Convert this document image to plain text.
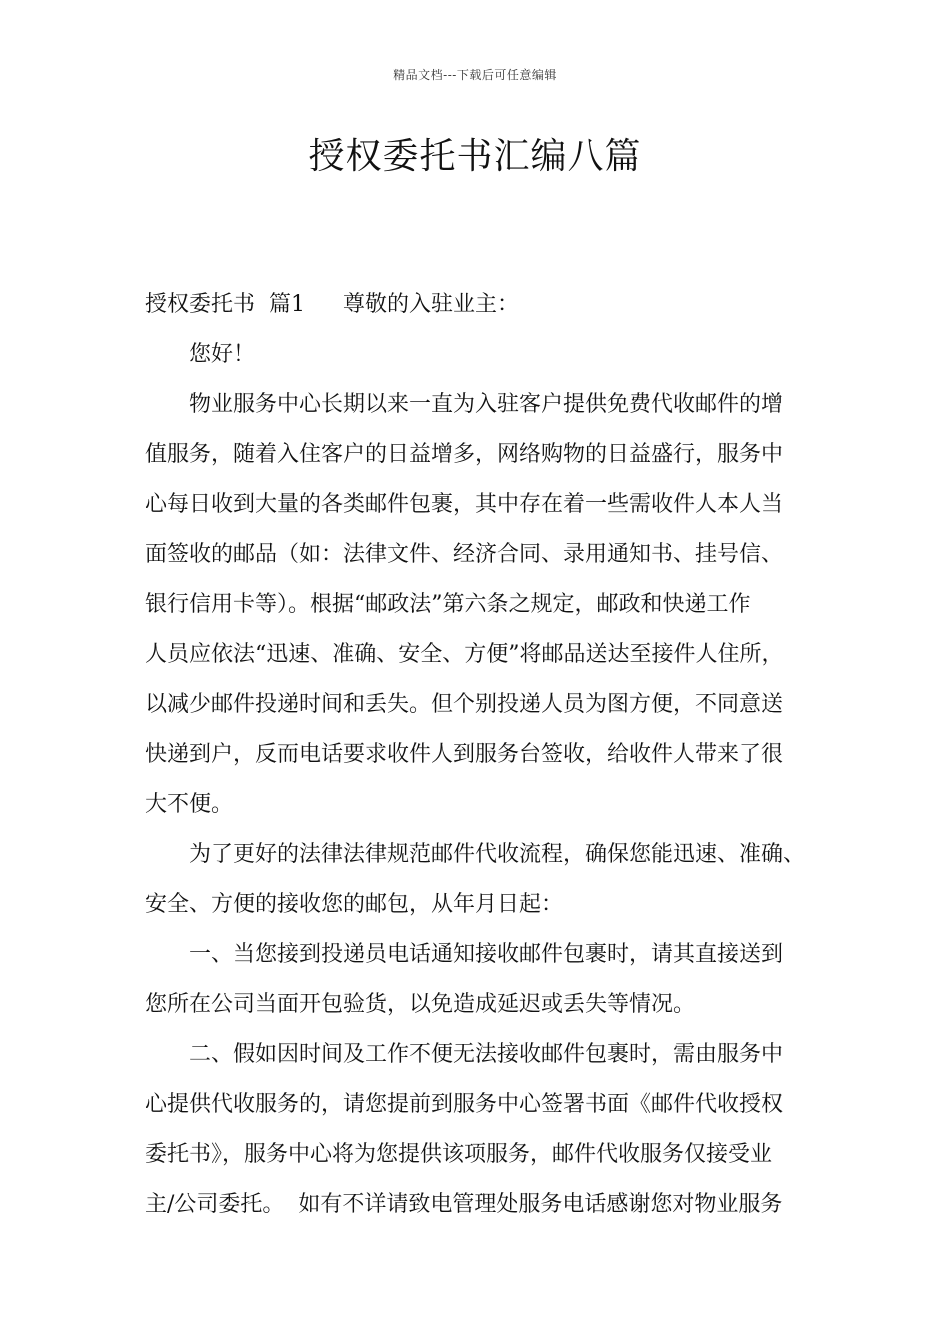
精品文档---下载后可任意编辑
授权委托书汇编八篇
授权委托书 篇1 尊敬的入驻业主：
您好！
物业服务中心长期以来一直为入驻客户提供免费代收邮件的增
值服务，随着入住客户的日益增多，网络购物的日益盛行，服务中
心每日收到大量的各类邮件包裹，其中存在着一些需收件人本人当
面签收的邮品（如：法律文件、经济合同、录用通知书、挂号信、
银行信用卡等）。根据“邮政法”第六条之规定，邮政和快递工作
人员应依法“迅速、准确、安全、方便”将邮品送达至接件人住所，
以减少邮件投递时间和丢失。但个别投递人员为图方便，不同意送
快递到户，反而电话要求收件人到服务台签收，给收件人带来了很
大不便。
为了更好的法律法律规范邮件代收流程，确保您能迅速、准确、
安全、方便的接收您的邮包，从年月日起：
一、当您接到投递员电话通知接收邮件包裹时，请其直接送到
您所在公司当面开包验货，以免造成延迟或丢失等情况。
二、假如因时间及工作不便无法接收邮件包裹时，需由服务中
心提供代收服务的，请您提前到服务中心签署书面《邮件代收授权
委托书》，服务中心将为您提供该项服务，邮件代收服务仅接受业
主/公司委托。 如有不详请致电管理处服务电话感谢您对物业服务
